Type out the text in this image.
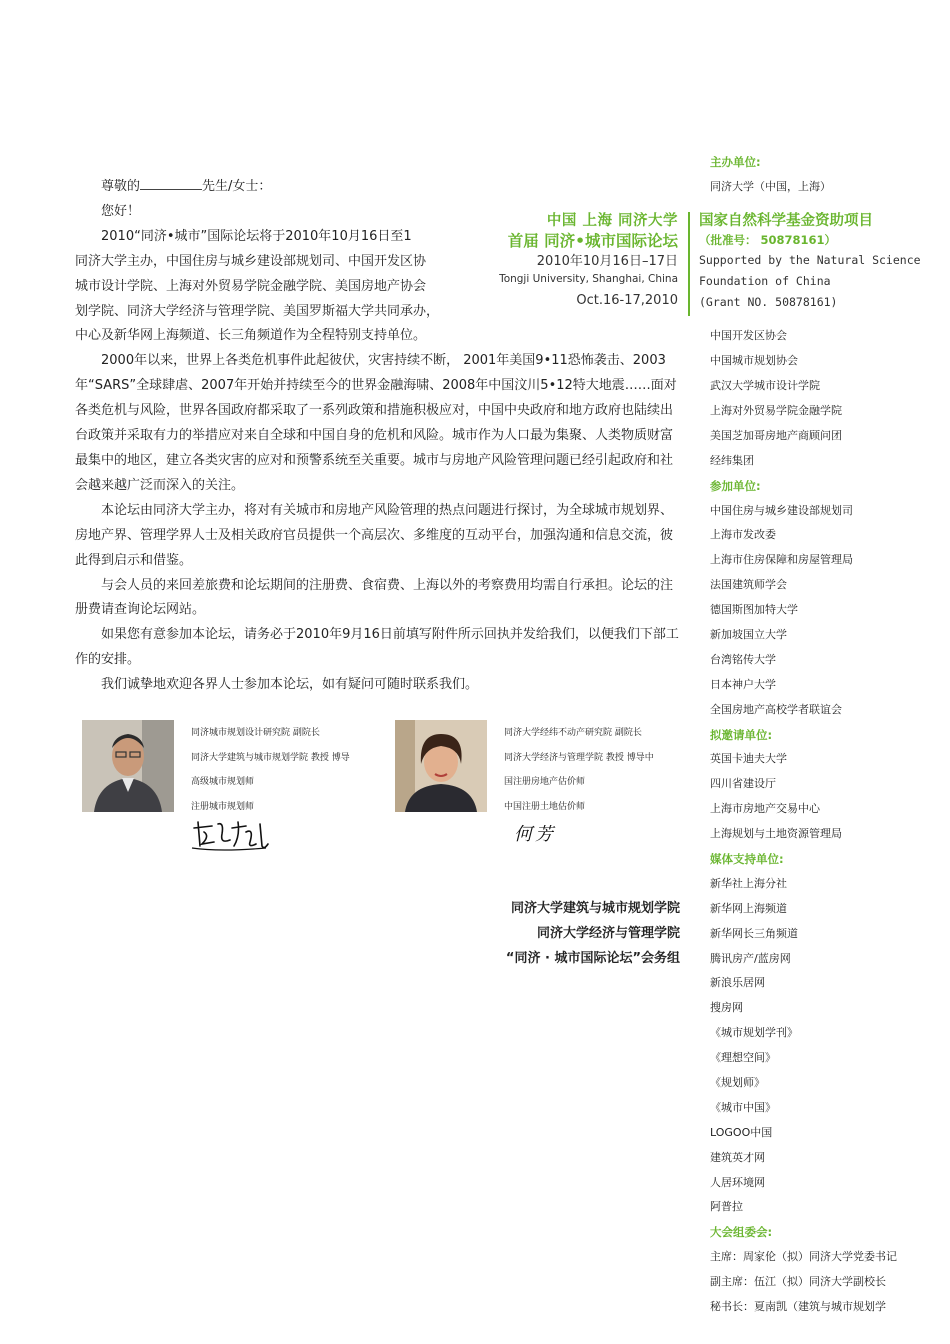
尊敬的	先生/女士：

您好！

2010“同济•城市”国际论坛将于2010年10月16日至1

同济大学主办，中国住房与城乡建设部规划司、中国开发区协

城市设计学院、上海对外贸易学院金融学院、美国房地产协会

划学院、同济大学经济与管理学院、美国罗斯福大学共同承办，

中心及新华网上海频道、长三角频道作为全程特别支持单位。

2000年以来，世界上各类危机事件此起彼伏，灾害持续不断， 2001年美国9•11恐怖袭击、2003年“SARS”全球肆虐、2007年开始并持续至今的世界金融海啸、2008年中国汶川5•12特大地震……面对各类危机与风险，世界各国政府都采取了一系列政策和措施积极应对，中国中央政府和地方政府也陆续出台政策并采取有力的举措应对来自全球和中国自身的危机和风险。城市作为人口最为集聚、人类物质财富最集中的地区，建立各类灾害的应对和预警系统至关重要。城市与房地产风险管理问题已经引起政府和社会越来越广泛而深入的关注。

本论坛由同济大学主办，将对有关城市和房地产风险管理的热点问题进行探讨，为全球城市规划界、房地产界、管理学界人士及相关政府官员提供一个高层次、多维度的互动平台，加强沟通和信息交流，彼此得到启示和借鉴。

与会人员的来回差旅费和论坛期间的注册费、食宿费、上海以外的考察费用均需自行承担。论坛的注册费请查询论坛网站。

如果您有意参加本论坛，请务必于2010年9月16日前填写附件所示回执并发给我们，以便我们下部工作的安排。

我们诚挚地欢迎各界人士参加本论坛，如有疑问可随时联系我们。

中国 上海 同济大学
首届 同济•城市国际论坛
2010年10月16日–17日
Tongji University, Shanghai, China
Oct.16-17,2010
国家自然科学基金资助项目
（批准号： 50878161）
Supported by the Natural Science
Foundation of China
(Grant NO. 50878161)
主办单位:
同济大学（中国，上海）
中国开发区协会
中国城市规划协会
武汉大学城市设计学院
上海对外贸易学院金融学院
美国芝加哥房地产商顾问团
经纬集团
参加单位:
中国住房与城乡建设部规划司
上海市发改委
上海市住房保障和房屋管理局
法国建筑师学会
德国斯图加特大学
新加坡国立大学
台湾铭传大学
日本神户大学
全国房地产高校学者联谊会
拟邀请单位:
英国卡迪夫大学
四川省建设厅
上海市房地产交易中心
上海规划与土地资源管理局
媒体支持单位:
新华社上海分社
新华网上海频道
新华网长三角频道
腾讯房产/蓝房网
新浪乐居网
搜房网
《城市规划学刊》
《理想空间》
《规划师》
《城市中国》
LOGOO中国
建筑英才网
人居环境网
阿普拉
大会组委会:
主席：周家伦（拟）同济大学党委书记
副主席：伍江（拟）同济大学副校长
秘书长：夏南凯（建筑与城市规划学
同济城市规划设计研究院 副院长
同济大学建筑与城市规划学院 教授 博导
高级城市规划师
注册城市规划师
同济大学经纬不动产研究院 副院长
同济大学经济与管理学院 教授 博导中
国注册房地产估价师
中国注册土地估价师
何芳
同济大学建筑与城市规划学院
同济大学经济与管理学院
“同济 · 城市国际论坛”会务组
